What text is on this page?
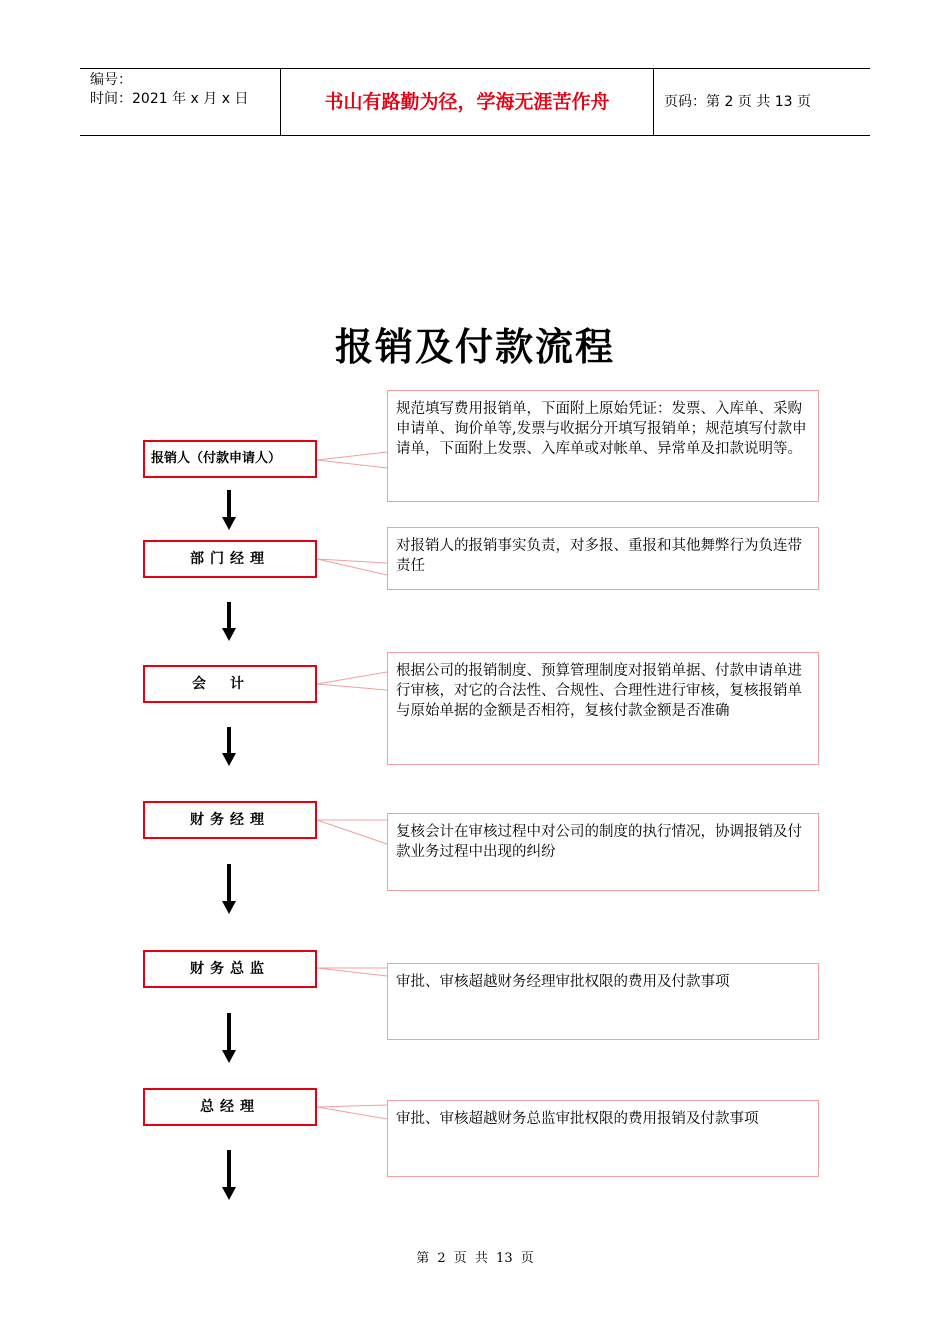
编号：
时间：2021 年 x 月 x 日	书山有路勤为径，学海无涯苦作舟	页码：第 2 页 共 13 页
报销及付款流程
报销人（付款申请人）
规范填写费用报销单，下面附上原始凭证：发票、入库单、采购申请单、询价单等,发票与收据分开填写报销单；规范填写付款申请单，下面附上发票、入库单或对帐单、异常单及扣款说明等。
部门经理
对报销人的报销事实负责，对多报、重报和其他舞弊行为负连带责任
会计
根据公司的报销制度、预算管理制度对报销单据、付款申请单进行审核，对它的合法性、合规性、合理性进行审核，复核报销单与原始单据的金额是否相符，复核付款金额是否准确
财务经理
复核会计在审核过程中对公司的制度的执行情况，协调报销及付款业务过程中出现的纠纷
财务总监
审批、审核超越财务经理审批权限的费用及付款事项
总经理
审批、审核超越财务总监审批权限的费用报销及付款事项
第 2 页 共 13 页
